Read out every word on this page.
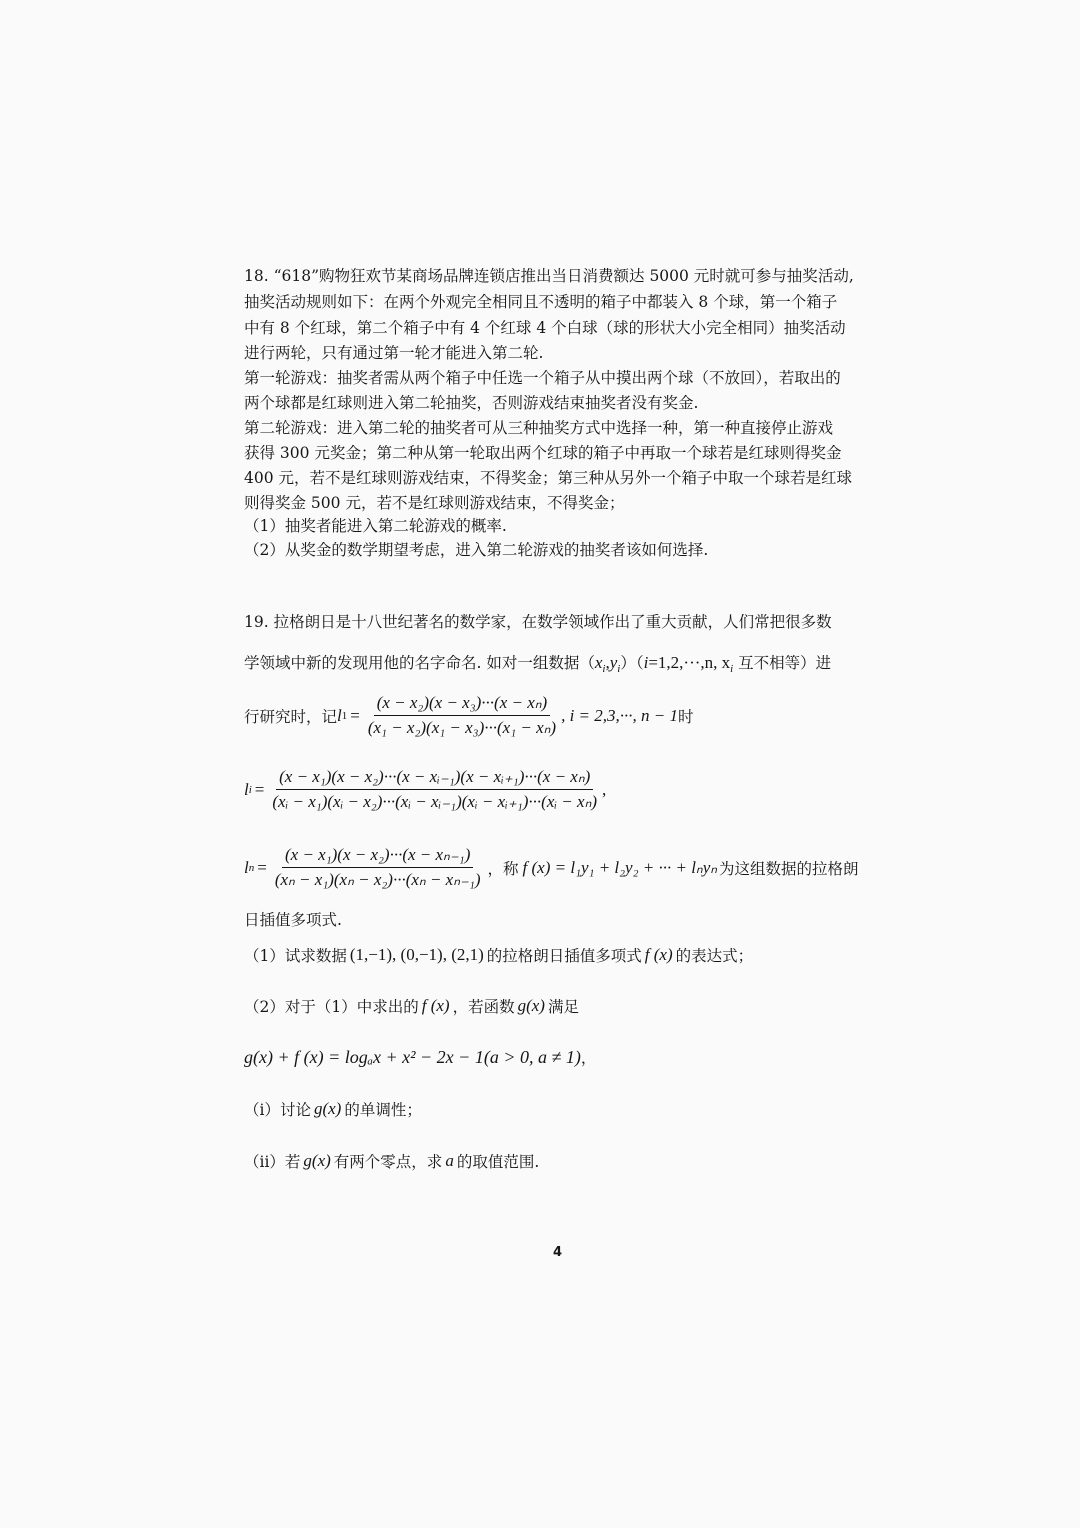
18. “618”购物狂欢节某商场品牌连锁店推出当日消费额达 5000 元时就可参与抽奖活动,
抽奖活动规则如下：在两个外观完全相同且不透明的箱子中都装入 8 个球，第一个箱子
中有 8 个红球，第二个箱子中有 4 个红球 4 个白球（球的形状大小完全相同）抽奖活动
进行两轮，只有通过第一轮才能进入第二轮.
第一轮游戏：抽奖者需从两个箱子中任选一个箱子从中摸出两个球（不放回），若取出的
两个球都是红球则进入第二轮抽奖，否则游戏结束抽奖者没有奖金.
第二轮游戏：进入第二轮的抽奖者可从三种抽奖方式中选择一种，第一种直接停止游戏
获得 300 元奖金；第二种从第一轮取出两个红球的箱子中再取一个球若是红球则得奖金
400 元，若不是红球则游戏结束，不得奖金；第三种从另外一个箱子中取一个球若是红球
则得奖金 500 元，若不是红球则游戏结束，不得奖金；
（1）抽奖者能进入第二轮游戏的概率.
（2）从奖金的数学期望考虑，进入第二轮游戏的抽奖者该如何选择.
19. 拉格朗日是十八世纪著名的数学家，在数学领域作出了重大贡献，人们常把很多数
学领域中新的发现用他的名字命名. 如对一组数据$(x_i,y_i)(i=1,2,\cdot\cdot\cdot,n$, $x_i$ 互不相等）进
行研究时，记 l $1 = \frac{\text{(x − x₂)(x − x₃)···(x − xₙ)}}{\text{(x₁ − x₂)(x₁ − x₃)···(x₁ − xₙ)}}$ , i = 2,3,···, n − 1 时
l $i = \frac{\text{(x − x₁)(x − x₂)···(x − xᵢ₋₁)(x − xᵢ₊₁)···(x − xₙ)}}{\text{(xᵢ − x₁)(xᵢ − x₂)···(xᵢ − xᵢ₋₁)(xᵢ − xᵢ₊₁)···(xᵢ − xₙ)}}$ ,
l $n = \frac{\text{(x − x₁)(x − x₂)···(x − xₙ₋₁)}}{\text{(xₙ − x₁)(xₙ − x₂)···(xₙ − xₙ₋₁)}}$ ，称 f (x) = l₁y₁ + l₂y₂ + ··· + lₙyₙ 为这组数据的拉格朗
日插值多项式.
（1）试求数据 (1,−1), (0,−1), (2,1) 的拉格朗日插值多项式 f (x) 的表达式；
（2）对于（1）中求出的 f (x) ，若函数 g(x) 满足
g(x) + f (x) = logₐx + x² − 2x − 1(a > 0, a ≠ 1) ，
（i）讨论 g(x) 的单调性；
（ii）若 g(x) 有两个零点，求 a 的取值范围.
4
